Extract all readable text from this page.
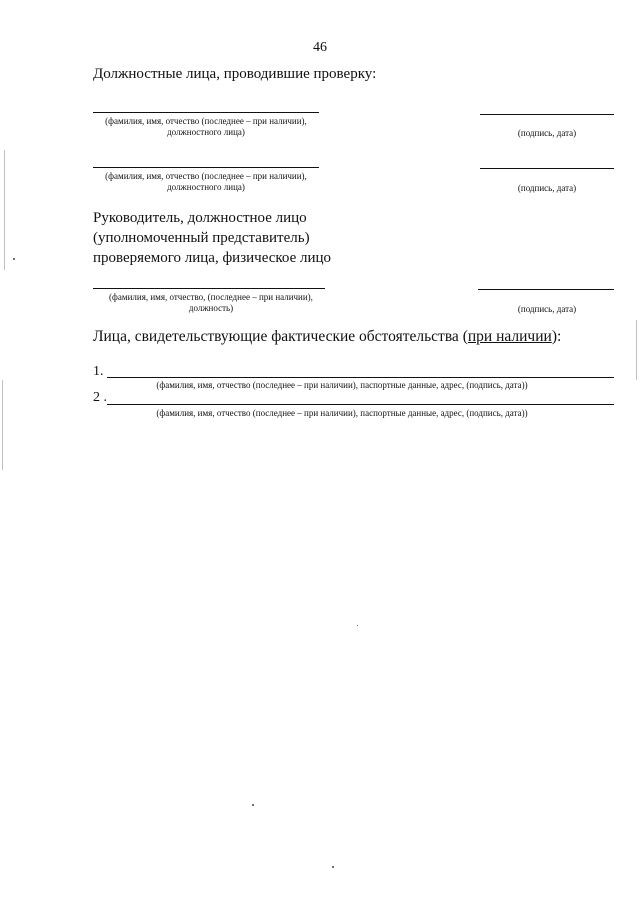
46
Должностные лица, проводившие проверку:
(фамилия, имя, отчество (последнее – при наличии),
должностного лица)	(подпись, дата)
(фамилия, имя, отчество (последнее – при наличии),
должностного лица)	(подпись, дата)
Руководитель, должностное лицо
(уполномоченный представитель)
проверяемого лица, физическое лицо
(фамилия, имя, отчество, (последнее – при наличии),
должность)	(подпись, дата)
Лица, свидетельствующие фактические обстоятельства (при наличии):
1.
(фамилия, имя, отчество (последнее – при наличии), паспортные данные, адрес, (подпись, дата))
2 .
(фамилия, имя, отчество (последнее – при наличии), паспортные данные, адрес, (подпись, дата))
